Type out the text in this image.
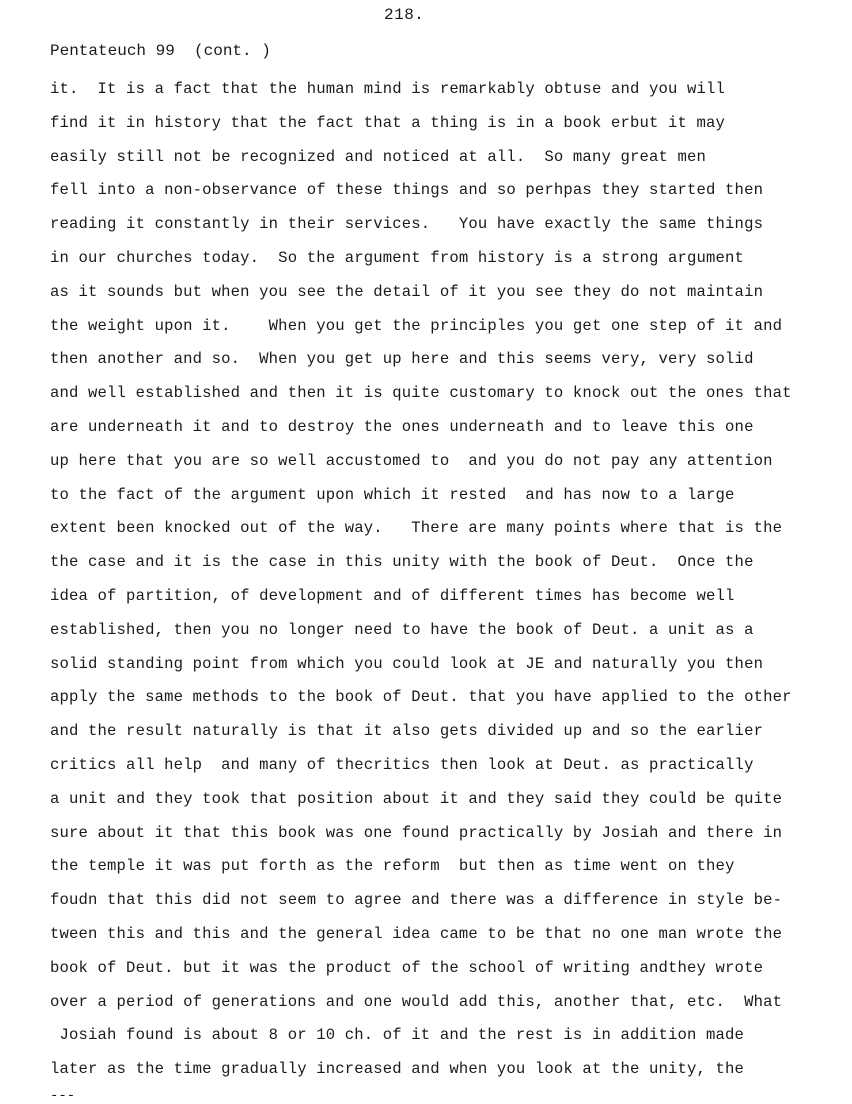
218.
Pentateuch 99  (cont. )
it.  It is a fact that the human mind is remarkably obtuse and you will
find it in history that the fact that a thing is in a book erbut it may
easily still not be recognized and noticed at all.  So many great men
fell into a non-observance of these things and so perhpas they started then
reading it constantly in their services.   You have exactly the same things
in our churches today.  So the argument from history is a strong argument
as it sounds but when you see the detail of it you see they do not maintain
the weight upon it.    When you get the principles you get one step of it and
then another and so.  When you get up here and this seems very, very solid
and well established and then it is quite customary to knock out the ones that
are underneath it and to destroy the ones underneath and to leave this one
up here that you are so well accustomed to  and you do not pay any attention
to the fact of the argument upon which it rested  and has now to a large
extent been knocked out of the way.   There are many points where that is the
the case and it is the case in this unity with the book of Deut.  Once the
idea of partition, of development and of different times has become well
established, then you no longer need to have the book of Deut. a unit as a
solid standing point from which you could look at JE and naturally you then
apply the same methods to the book of Deut. that you have applied to the other
and the result naturally is that it also gets divided up and so the earlier
critics all help  and many of thecritics then look at Deut. as practically
a unit and they took that position about it and they said they could be quite
sure about it that this book was one found practically by Josiah and there in
the temple it was put forth as the reform  but then as time went on they
foudn that this did not seem to agree and there was a difference in style be-
tween this and this and the general idea came to be that no one man wrote the
book of Deut. but it was the product of the school of writing andthey wrote
over a period of generations and one would add this, another that, etc.  What
Josiah found is about 8 or 10 ch. of it and the rest is in addition made
later as the time gradually increased and when you look at the unity, the
---
